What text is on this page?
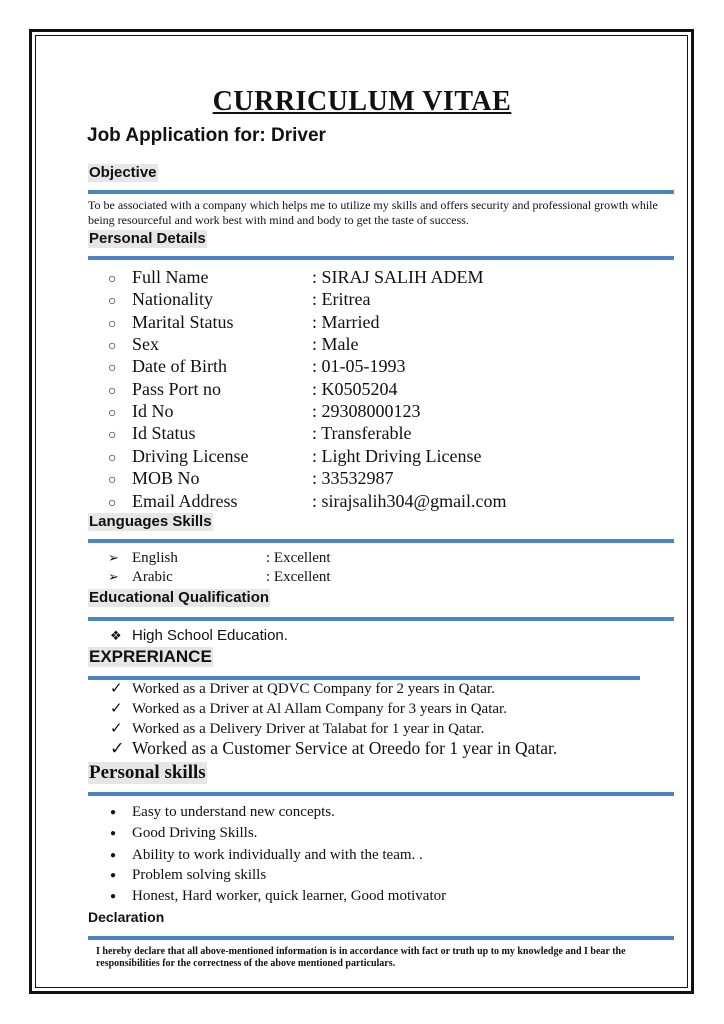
CURRICULUM VITAE
Job Application for: Driver
Objective
To be associated with a company which helps me to utilize my skills and offers security and professional growth while being resourceful and work best with mind and body to get the taste of success.
Personal Details
○ Full Name	: SIRAJ SALIH ADEM
○ Nationality	: Eritrea
○ Marital Status	: Married
○ Sex	: Male
○ Date of Birth	: 01-05-1993
○ Pass Port no	: K0505204
○ Id No	: 29308000123
○ Id Status	: Transferable
○ Driving License	: Light Driving License
○ MOB No	: 33532987
○ Email Address	: sirajsalih304@gmail.com
Languages Skills
➢ English	: Excellent
➢ Arabic	: Excellent
Educational Qualification
❖ High School Education.
EXPRERIANCE
✓ Worked as a Driver at QDVC Company for 2 years in Qatar.
✓ Worked as a Driver at Al Allam Company for 3 years in Qatar.
✓ Worked as a Delivery Driver at Talabat for 1 year in Qatar.
✓ Worked as a Customer Service at Oreedo for 1 year in Qatar.
Personal skills
● Easy to understand new concepts.
● Good Driving Skills.
● Ability to work individually and with the team. .
● Problem solving skills
● Honest, Hard worker, quick learner, Good motivator
Declaration
I hereby declare that all above-mentioned information is in accordance with fact or truth up to my knowledge and I bear the responsibilities for the correctness of the above mentioned particulars.
